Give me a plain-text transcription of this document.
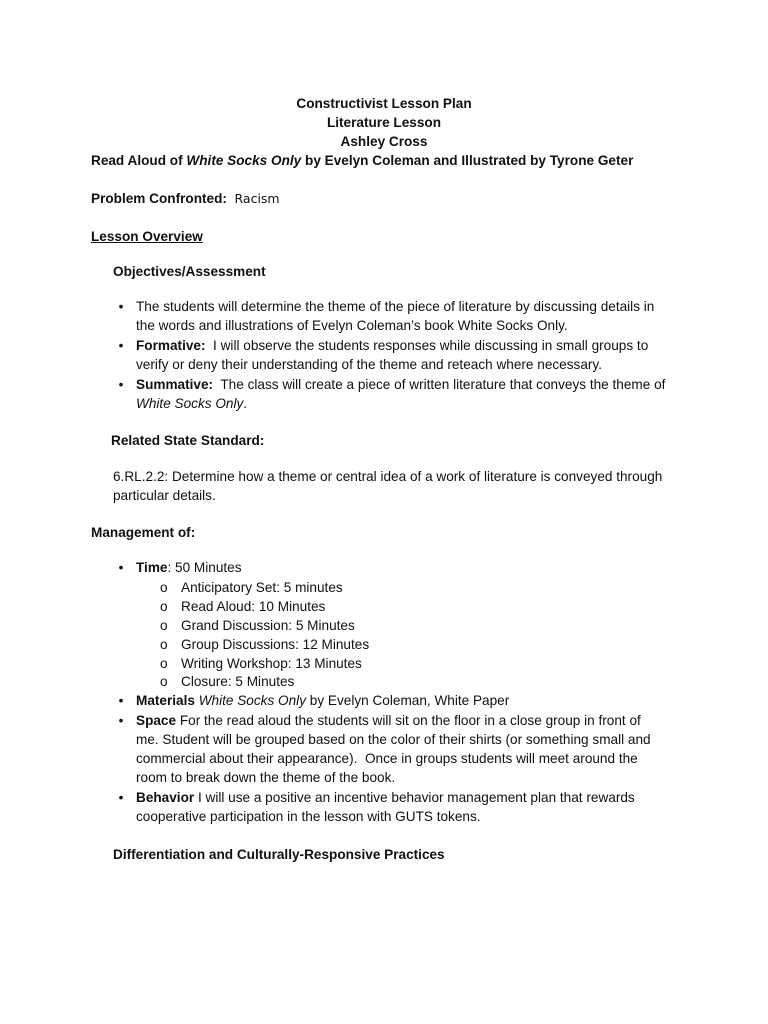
Constructivist Lesson Plan
Literature Lesson
Ashley Cross
Read Aloud of White Socks Only by Evelyn Coleman and Illustrated by Tyrone Geter
Problem Confronted: Racism
Lesson Overview
Objectives/Assessment
• The students will determine the theme of the piece of literature by discussing details in
the words and illustrations of Evelyn Coleman’s book White Socks Only.
• Formative:  I will observe the students responses while discussing in small groups to
verify or deny their understanding of the theme and reteach where necessary.
• Summative:  The class will create a piece of written literature that conveys the theme of
White Socks Only.
Related State Standard:
6.RL.2.2: Determine how a theme or central idea of a work of literature is conveyed through
particular details.
Management of:
• Time: 50 Minutes
o Anticipatory Set: 5 minutes
o Read Aloud: 10 Minutes
o Grand Discussion: 5 Minutes
o Group Discussions: 12 Minutes
o Writing Workshop: 13 Minutes
o Closure: 5 Minutes
• Materials White Socks Only by Evelyn Coleman, White Paper
• Space For the read aloud the students will sit on the floor in a close group in front of
me. Student will be grouped based on the color of their shirts (or something small and
commercial about their appearance).  Once in groups students will meet around the
room to break down the theme of the book.
• Behavior I will use a positive an incentive behavior management plan that rewards
cooperative participation in the lesson with GUTS tokens.
Differentiation and Culturally-Responsive Practices
